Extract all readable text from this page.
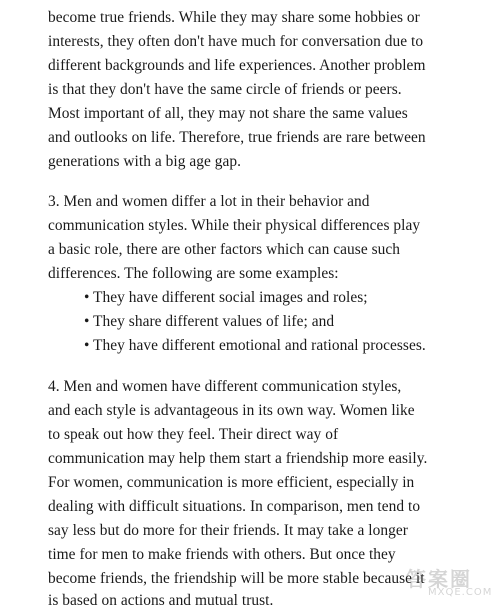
become true friends. While they may share some hobbies or
interests, they often don't have much for conversation due to
different backgrounds and life experiences. Another problem
is that they don't have the same circle of friends or peers.
Most important of all, they may not share the same values
and outlooks on life. Therefore, true friends are rare between
generations with a big age gap.
3. Men and women differ a lot in their behavior and
communication styles. While their physical differences play
a basic role, there are other factors which can cause such
differences. The following are some examples:
• They have different social images and roles;
• They share different values of life; and
• They have different emotional and rational processes.
4. Men and women have different communication styles,
and each style is advantageous in its own way. Women like
to speak out how they feel. Their direct way of
communication may help them start a friendship more easily.
For women, communication is more efficient, especially in
dealing with difficult situations. In comparison, men tend to
say less but do more for their friends. It may take a longer
time for men to make friends with others. But once they
become friends, the friendship will be more stable because it
is based on actions and mutual trust.
答案圈
MXQE.COM
